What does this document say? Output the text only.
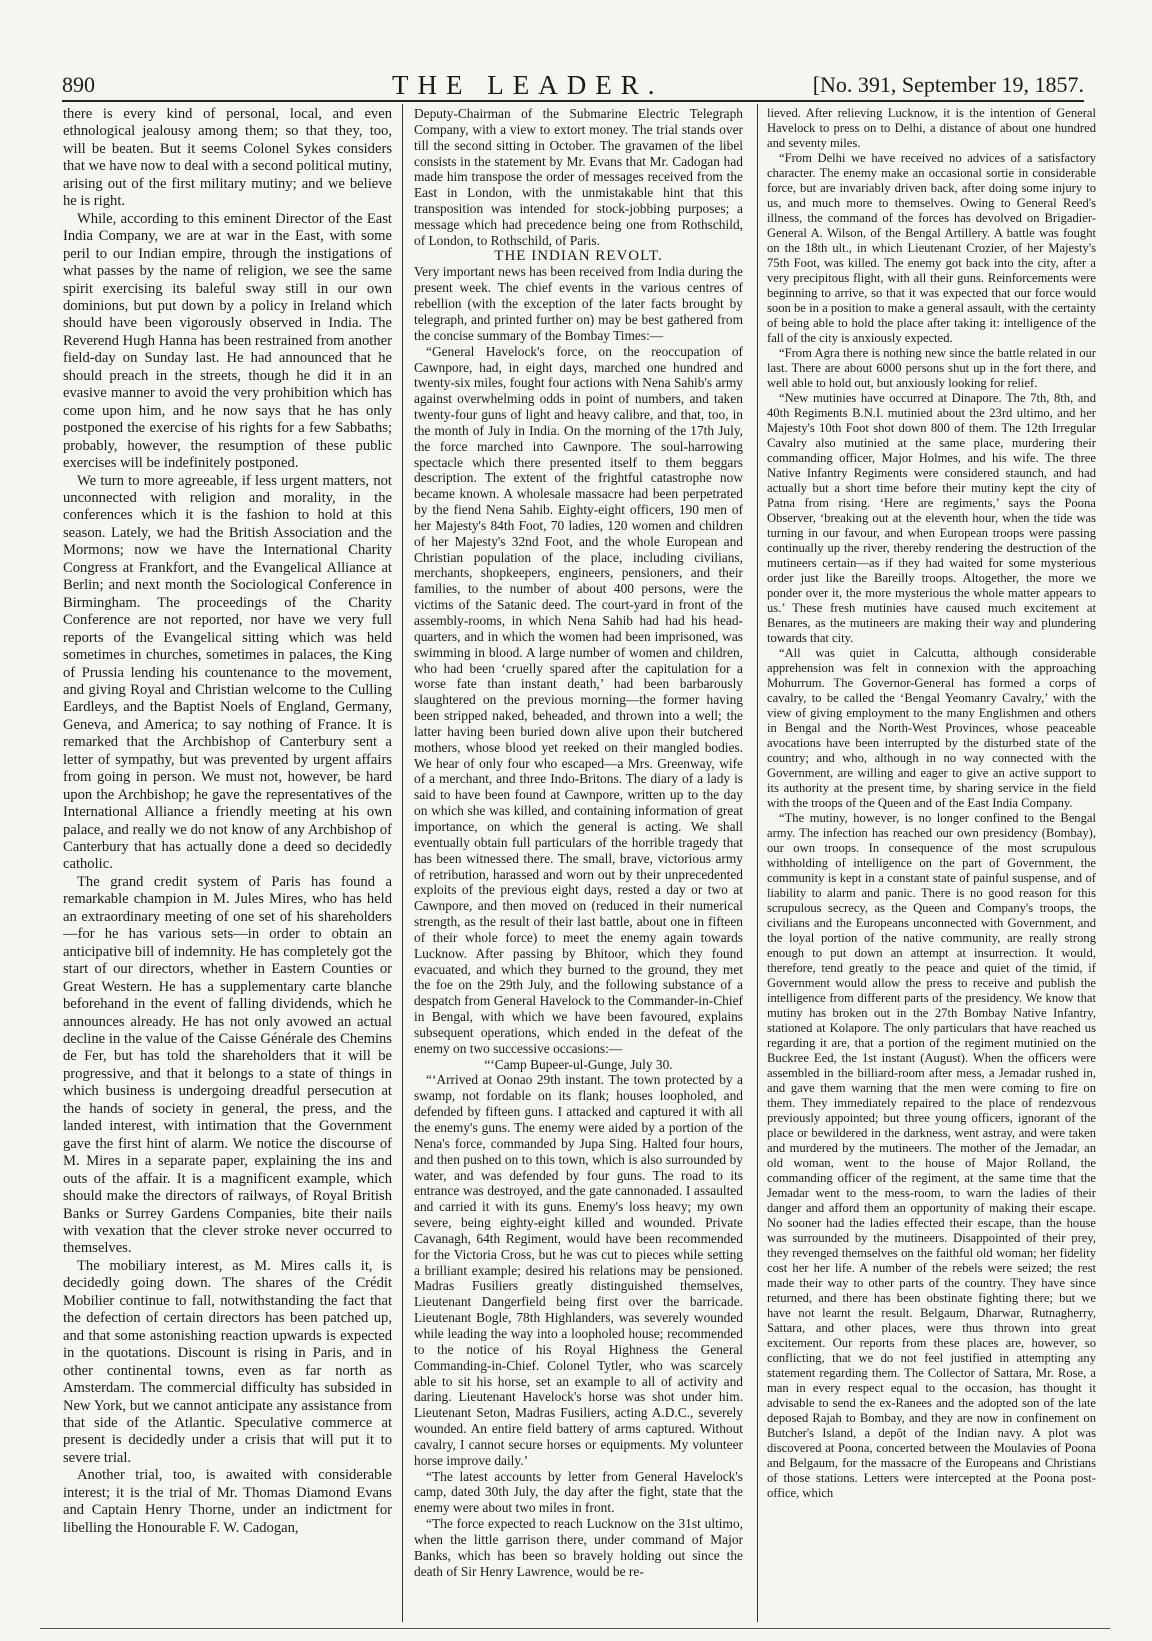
890	THE LEADER.	[No. 391, September 19, 1857.

there is every kind of personal, local, and even ethnological jealousy among them; so that they, too, will be beaten. But it seems Colonel Sykes considers that we have now to deal with a second political mutiny, arising out of the first military mutiny; and we believe he is right.

While, according to this eminent Director of the East India Company, we are at war in the East, with some peril to our Indian empire, through the instigations of what passes by the name of religion, we see the same spirit exercising its baleful sway still in our own dominions, but put down by a policy in Ireland which should have been vigorously observed in India. The Reverend Hugh Hanna has been restrained from another field-day on Sunday last. He had announced that he should preach in the streets, though he did it in an evasive manner to avoid the very prohibition which has come upon him, and he now says that he has only postponed the exercise of his rights for a few Sabbaths; probably, however, the resumption of these public exercises will be indefinitely postponed.

We turn to more agreeable, if less urgent matters, not unconnected with religion and morality, in the conferences which it is the fashion to hold at this season. Lately, we had the British Association and the Mormons; now we have the International Charity Congress at Frankfort, and the Evangelical Alliance at Berlin; and next month the Sociological Conference in Birmingham. The proceedings of the Charity Conference are not reported, nor have we very full reports of the Evangelical sitting which was held sometimes in churches, sometimes in palaces, the King of Prussia lending his countenance to the movement, and giving Royal and Christian welcome to the Culling Eardleys, and the Baptist Noels of England, Germany, Geneva, and America; to say nothing of France. It is remarked that the Archbishop of Canterbury sent a letter of sympathy, but was prevented by urgent affairs from going in person. We must not, however, be hard upon the Archbishop; he gave the representatives of the International Alliance a friendly meeting at his own palace, and really we do not know of any Archbishop of Canterbury that has actually done a deed so decidedly catholic.

The grand credit system of Paris has found a remarkable champion in M. Jules Mires, who has held an extraordinary meeting of one set of his shareholders—for he has various sets—in order to obtain an anticipative bill of indemnity. He has completely got the start of our directors, whether in Eastern Counties or Great Western. He has a supplementary carte blanche beforehand in the event of falling dividends, which he announces already. He has not only avowed an actual decline in the value of the Caisse Générale des Chemins de Fer, but has told the shareholders that it will be progressive, and that it belongs to a state of things in which business is undergoing dreadful persecution at the hands of society in general, the press, and the landed interest, with intimation that the Government gave the first hint of alarm. We notice the discourse of M. Mires in a separate paper, explaining the ins and outs of the affair. It is a magnificent example, which should make the directors of railways, of Royal British Banks or Surrey Gardens Companies, bite their nails with vexation that the clever stroke never occurred to themselves.

The mobiliary interest, as M. Mires calls it, is decidedly going down. The shares of the Crédit Mobilier continue to fall, notwithstanding the fact that the defection of certain directors has been patched up, and that some astonishing reaction upwards is expected in the quotations. Discount is rising in Paris, and in other continental towns, even as far north as Amsterdam. The commercial difficulty has subsided in New York, but we cannot anticipate any assistance from that side of the Atlantic. Speculative commerce at present is decidedly under a crisis that will put it to severe trial.

Another trial, too, is awaited with considerable interest; it is the trial of Mr. Thomas Diamond Evans and Captain Henry Thorne, under an indictment for libelling the Honourable F. W. Cadogan,

Deputy-Chairman of the Submarine Electric Telegraph Company, with a view to extort money. The trial stands over till the second sitting in October. The gravamen of the libel consists in the statement by Mr. Evans that Mr. Cadogan had made him transpose the order of messages received from the East in London, with the unmistakable hint that this transposition was intended for stock-jobbing purposes; a message which had precedence being one from Rothschild, of London, to Rothschild, of Paris.

THE INDIAN REVOLT.

Very important news has been received from India during the present week. The chief events in the various centres of rebellion (with the exception of the later facts brought by telegraph, and printed further on) may be best gathered from the concise summary of the Bombay Times:—

“General Havelock's force, on the reoccupation of Cawnpore, had, in eight days, marched one hundred and twenty-six miles, fought four actions with Nena Sahib's army against overwhelming odds in point of numbers, and taken twenty-four guns of light and heavy calibre, and that, too, in the month of July in India. On the morning of the 17th July, the force marched into Cawnpore. The soul-harrowing spectacle which there presented itself to them beggars description. The extent of the frightful catastrophe now became known. A wholesale massacre had been perpetrated by the fiend Nena Sahib. Eighty-eight officers, 190 men of her Majesty's 84th Foot, 70 ladies, 120 women and children of her Majesty's 32nd Foot, and the whole European and Christian population of the place, including civilians, merchants, shopkeepers, engineers, pensioners, and their families, to the number of about 400 persons, were the victims of the Satanic deed. The court-yard in front of the assembly-rooms, in which Nena Sahib had had his head-quarters, and in which the women had been imprisoned, was swimming in blood. A large number of women and children, who had been ‘cruelly spared after the capitulation for a worse fate than instant death,’ had been barbarously slaughtered on the previous morning—the former having been stripped naked, beheaded, and thrown into a well; the latter having been buried down alive upon their butchered mothers, whose blood yet reeked on their mangled bodies. We hear of only four who escaped—a Mrs. Greenway, wife of a merchant, and three Indo-Britons. The diary of a lady is said to have been found at Cawnpore, written up to the day on which she was killed, and containing information of great importance, on which the general is acting. We shall eventually obtain full particulars of the horrible tragedy that has been witnessed there. The small, brave, victorious army of retribution, harassed and worn out by their unprecedented exploits of the previous eight days, rested a day or two at Cawnpore, and then moved on (reduced in their numerical strength, as the result of their last battle, about one in fifteen of their whole force) to meet the enemy again towards Lucknow. After passing by Bhitoor, which they found evacuated, and which they burned to the ground, they met the foe on the 29th July, and the following substance of a despatch from General Havelock to the Commander-in-Chief in Bengal, with which we have been favoured, explains subsequent operations, which ended in the defeat of the enemy on two successive occasions:—

“‘Camp Bupeer-ul-Gunge, July 30.

“‘Arrived at Oonao 29th instant. The town protected by a swamp, not fordable on its flank; houses loopholed, and defended by fifteen guns. I attacked and captured it with all the enemy's guns. The enemy were aided by a portion of the Nena's force, commanded by Jupa Sing. Halted four hours, and then pushed on to this town, which is also surrounded by water, and was defended by four guns. The road to its entrance was destroyed, and the gate cannonaded. I assaulted and carried it with its guns. Enemy's loss heavy; my own severe, being eighty-eight killed and wounded. Private Cavanagh, 64th Regiment, would have been recommended for the Victoria Cross, but he was cut to pieces while setting a brilliant example; desired his relations may be pensioned. Madras Fusiliers greatly distinguished themselves, Lieutenant Dangerfield being first over the barricade. Lieutenant Bogle, 78th Highlanders, was severely wounded while leading the way into a loopholed house; recommended to the notice of his Royal Highness the General Commanding-in-Chief. Colonel Tytler, who was scarcely able to sit his horse, set an example to all of activity and daring. Lieutenant Havelock's horse was shot under him. Lieutenant Seton, Madras Fusiliers, acting A.D.C., severely wounded. An entire field battery of arms captured. Without cavalry, I cannot secure horses or equipments. My volunteer horse improve daily.’

“The latest accounts by letter from General Havelock's camp, dated 30th July, the day after the fight, state that the enemy were about two miles in front.

“The force expected to reach Lucknow on the 31st ultimo, when the little garrison there, under command of Major Banks, which has been so bravely holding out since the death of Sir Henry Lawrence, would be re-

lieved. After relieving Lucknow, it is the intention of General Havelock to press on to Delhi, a distance of about one hundred and seventy miles.

“From Delhi we have received no advices of a satisfactory character. The enemy make an occasional sortie in considerable force, but are invariably driven back, after doing some injury to us, and much more to themselves. Owing to General Reed's illness, the command of the forces has devolved on Brigadier-General A. Wilson, of the Bengal Artillery. A battle was fought on the 18th ult., in which Lieutenant Crozier, of her Majesty's 75th Foot, was killed. The enemy got back into the city, after a very precipitous flight, with all their guns. Reinforcements were beginning to arrive, so that it was expected that our force would soon be in a position to make a general assault, with the certainty of being able to hold the place after taking it: intelligence of the fall of the city is anxiously expected.

“From Agra there is nothing new since the battle related in our last. There are about 6000 persons shut up in the fort there, and well able to hold out, but anxiously looking for relief.

“New mutinies have occurred at Dinapore. The 7th, 8th, and 40th Regiments B.N.I. mutinied about the 23rd ultimo, and her Majesty's 10th Foot shot down 800 of them. The 12th Irregular Cavalry also mutinied at the same place, murdering their commanding officer, Major Holmes, and his wife. The three Native Infantry Regiments were considered staunch, and had actually but a short time before their mutiny kept the city of Patna from rising. ‘Here are regiments,’ says the Poona Observer, ‘breaking out at the eleventh hour, when the tide was turning in our favour, and when European troops were passing continually up the river, thereby rendering the destruction of the mutineers certain—as if they had waited for some mysterious order just like the Bareilly troops. Altogether, the more we ponder over it, the more mysterious the whole matter appears to us.’ These fresh mutinies have caused much excitement at Benares, as the mutineers are making their way and plundering towards that city.

“All was quiet in Calcutta, although considerable apprehension was felt in connexion with the approaching Mohurrum. The Governor-General has formed a corps of cavalry, to be called the ‘Bengal Yeomanry Cavalry,’ with the view of giving employment to the many Englishmen and others in Bengal and the North-West Provinces, whose peaceable avocations have been interrupted by the disturbed state of the country; and who, although in no way connected with the Government, are willing and eager to give an active support to its authority at the present time, by sharing service in the field with the troops of the Queen and of the East India Company.

“The mutiny, however, is no longer confined to the Bengal army. The infection has reached our own presidency (Bombay), our own troops. In consequence of the most scrupulous withholding of intelligence on the part of Government, the community is kept in a constant state of painful suspense, and of liability to alarm and panic. There is no good reason for this scrupulous secrecy, as the Queen and Company's troops, the civilians and the Europeans unconnected with Government, and the loyal portion of the native community, are really strong enough to put down an attempt at insurrection. It would, therefore, tend greatly to the peace and quiet of the timid, if Government would allow the press to receive and publish the intelligence from different parts of the presidency. We know that mutiny has broken out in the 27th Bombay Native Infantry, stationed at Kolapore. The only particulars that have reached us regarding it are, that a portion of the regiment mutinied on the Buckree Eed, the 1st instant (August). When the officers were assembled in the billiard-room after mess, a Jemadar rushed in, and gave them warning that the men were coming to fire on them. They immediately repaired to the place of rendezvous previously appointed; but three young officers, ignorant of the place or bewildered in the darkness, went astray, and were taken and murdered by the mutineers. The mother of the Jemadar, an old woman, went to the house of Major Rolland, the commanding officer of the regiment, at the same time that the Jemadar went to the mess-room, to warn the ladies of their danger and afford them an opportunity of making their escape. No sooner had the ladies effected their escape, than the house was surrounded by the mutineers. Disappointed of their prey, they revenged themselves on the faithful old woman; her fidelity cost her her life. A number of the rebels were seized; the rest made their way to other parts of the country. They have since returned, and there has been obstinate fighting there; but we have not learnt the result. Belgaum, Dharwar, Rutnagherry, Sattara, and other places, were thus thrown into great excitement. Our reports from these places are, however, so conflicting, that we do not feel justified in attempting any statement regarding them. The Collector of Sattara, Mr. Rose, a man in every respect equal to the occasion, has thought it advisable to send the ex-Ranees and the adopted son of the late deposed Rajah to Bombay, and they are now in confinement on Butcher's Island, a depôt of the Indian navy. A plot was discovered at Poona, concerted between the Moulavies of Poona and Belgaum, for the massacre of the Europeans and Christians of those stations. Letters were intercepted at the Poona post-office, which
